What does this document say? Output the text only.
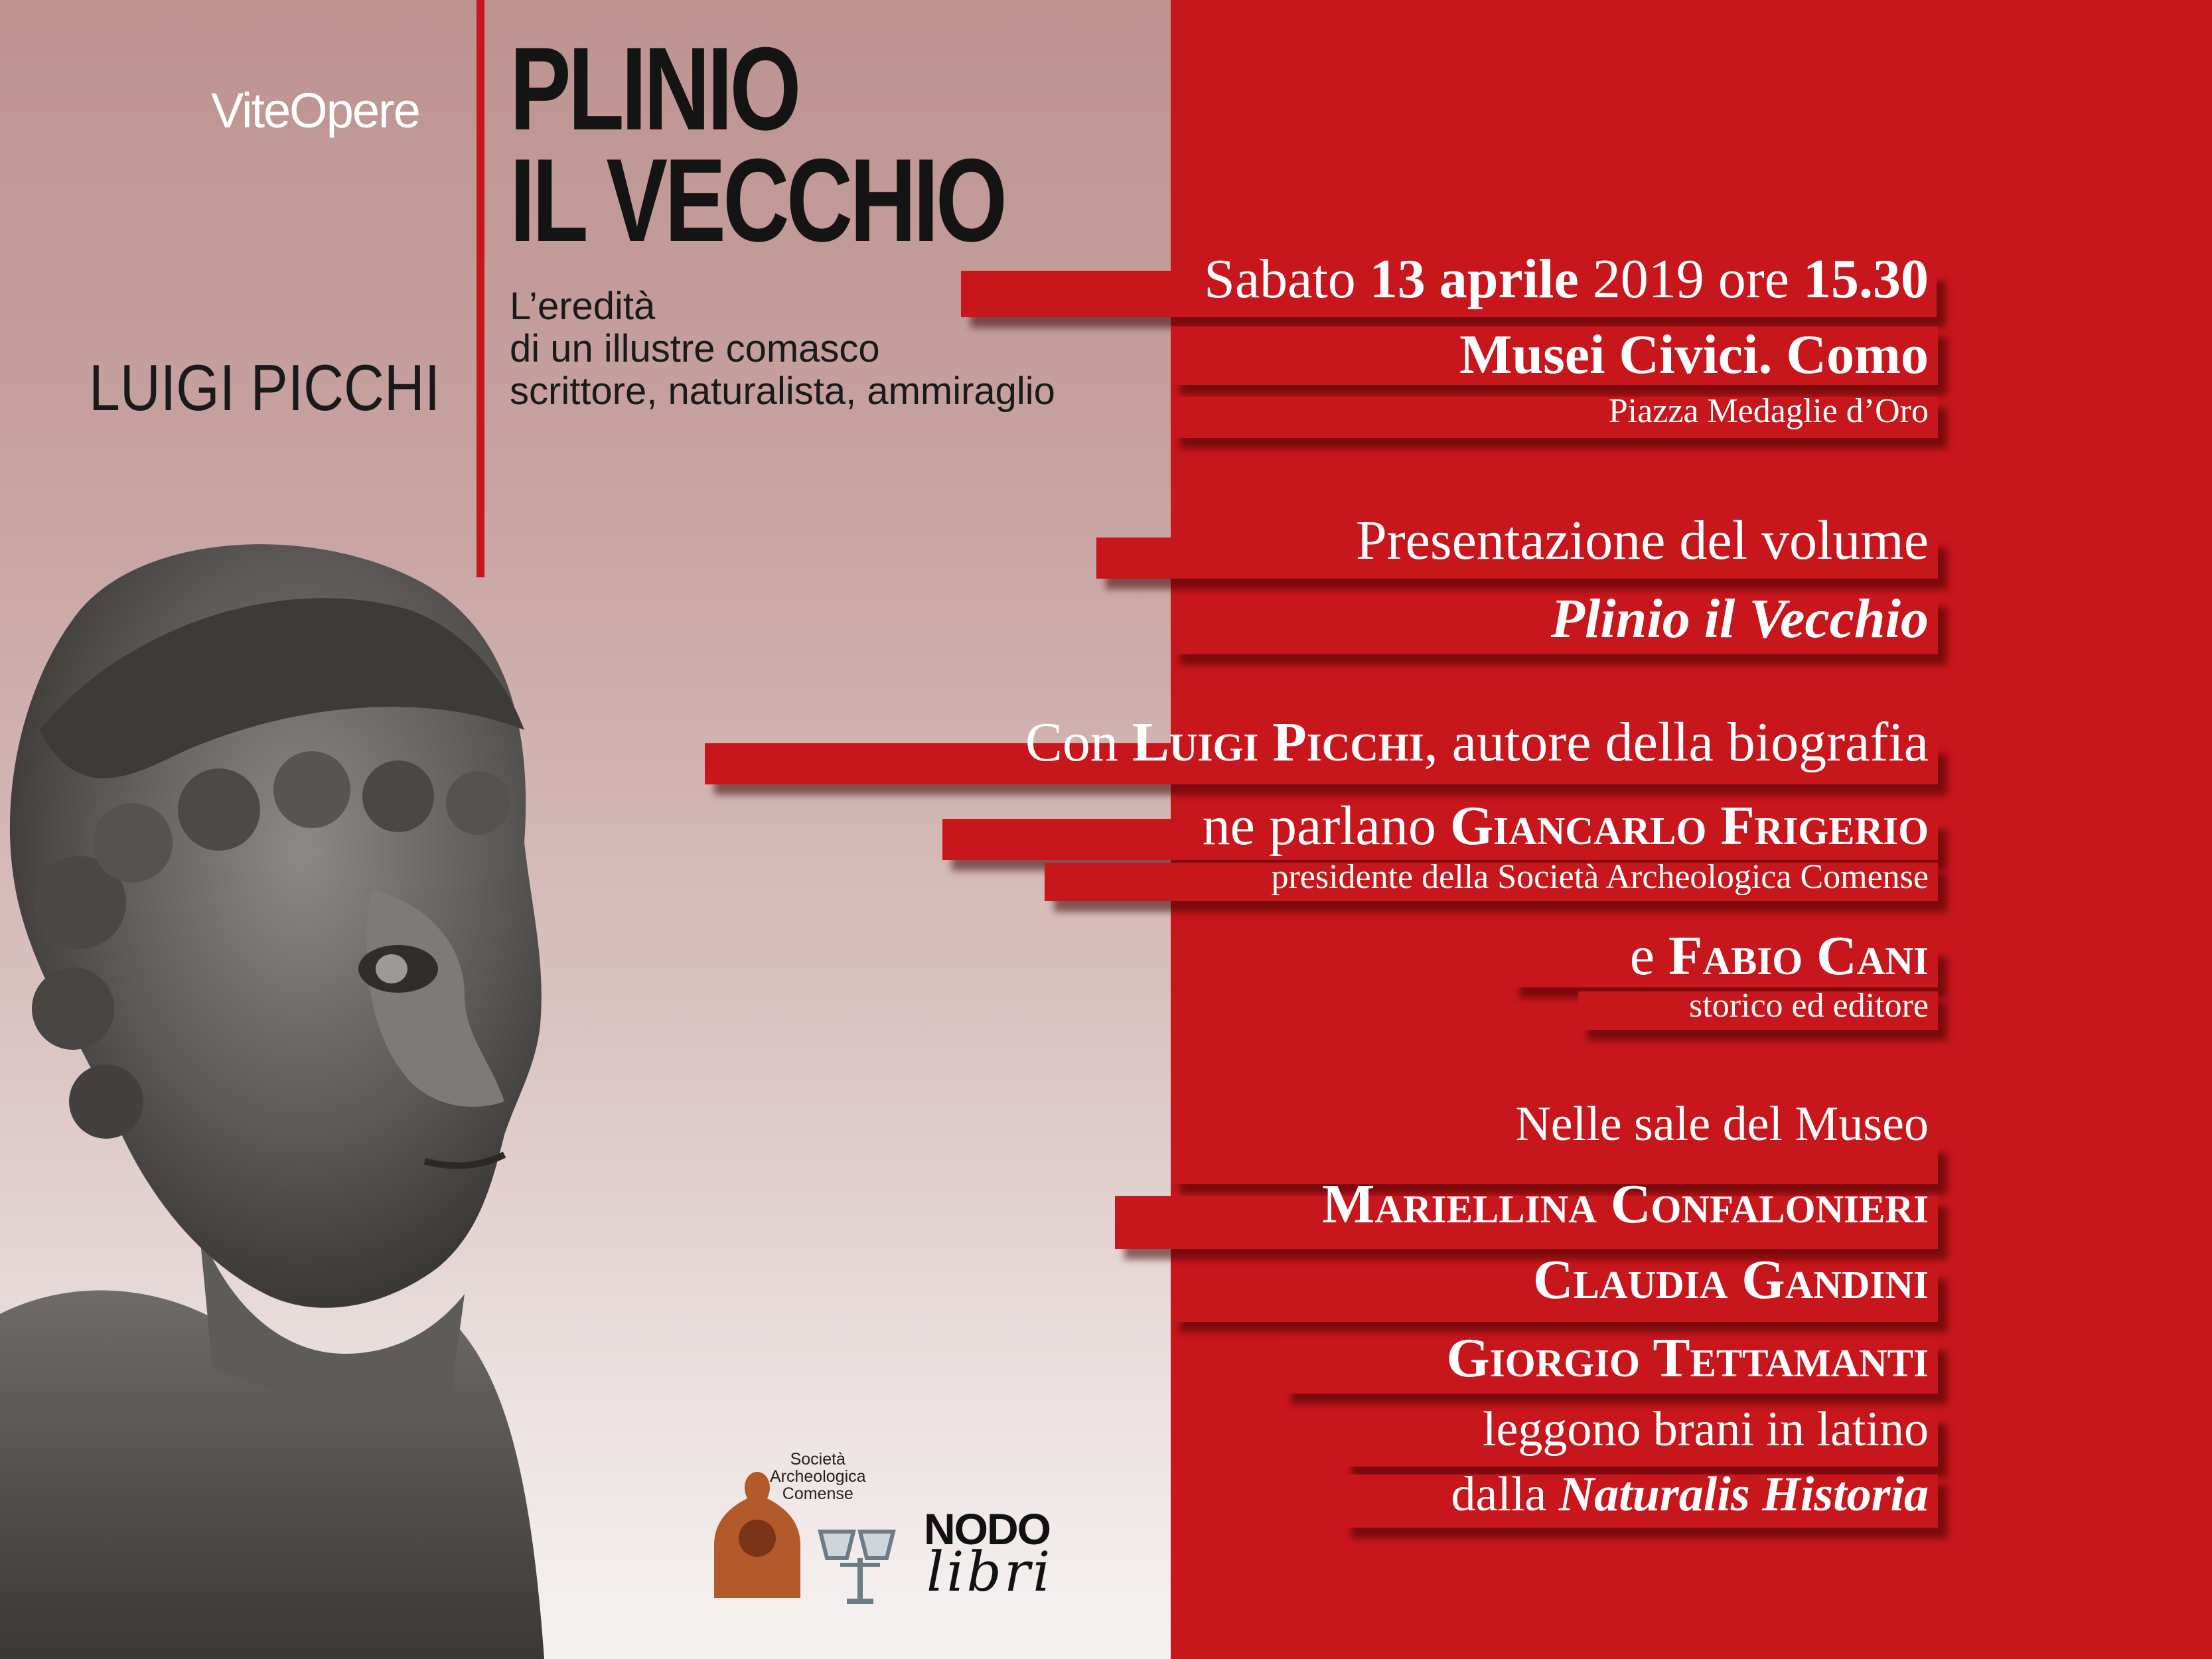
ViteOpere PLINIO
IL VECCHIO
L’eredità
di un illustre comasco
scrittore, naturalista, ammiraglio
LUIGI PICCHI
Società
Archeologica
Comense
NODO
libri
Sabato 13 aprile 2019 ore 15.30
Musei Civici. Como
Piazza Medaglie d’Oro
Presentazione del volume
Plinio il Vecchio
Con Luigi Picchi, autore della biografia
ne parlano Giancarlo Frigerio
presidente della Società Archeologica Comense
e Fabio Cani
storico ed editore
Nelle sale del Museo
Mariellina Confalonieri
Claudia Gandini
Giorgio Tettamanti
leggono brani in latino
dalla Naturalis Historia
